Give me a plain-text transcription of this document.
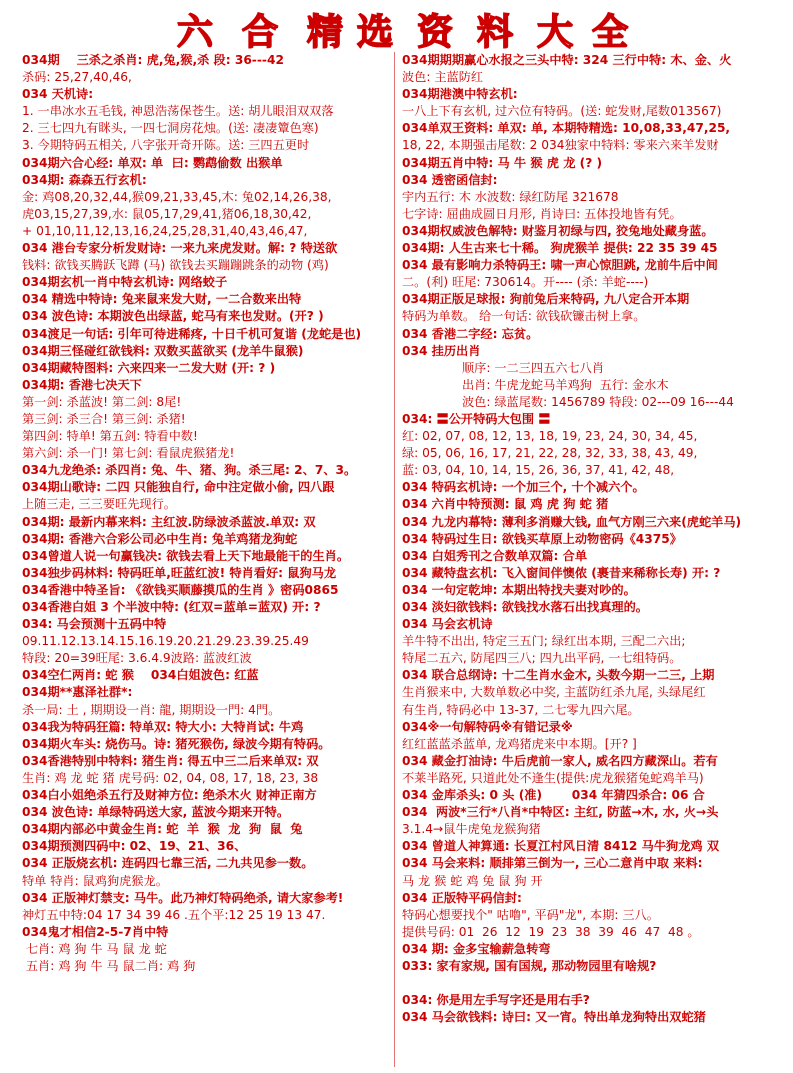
六 合 精 选 资 料 大 全
034期    三杀之杀肖: 虎,兔,猴,杀 段: 36---42
杀码: 25,27,40,46,
034 天机诗:
1. 一串冰水五毛钱, 神恩浩荡保苍生。送: 胡儿眼泪双双落
2. 三七四九有眯头, 一四七洞房花烛。(送: 凄凄簟色寒)
3. 今期特码五相关, 八字张开奇开陈。送: 三四五更时
034期六合心经: 单双: 单  曰: 鹦鹉偷数 出猴单
034期: 森森五行玄机:
金: 鸡08,20,32,44,猴09,21,33,45,木: 兔02,14,26,38,
虎03,15,27,39,水: 鼠05,17,29,41,猪06,18,30,42,
+ 01,10,11,12,13,16,24,25,28,31,40,43,46,47,
034 港台专家分析发财诗: 一来九来虎发财。解: ? 特送欲
钱料: 欲钱买腾跃飞蹲 (马) 欲钱去买蹦蹦跳条的动物 (鸡)
034期玄机一肖中特玄机诗: 网络蛟子
034 精选中特诗: 兔来鼠来发大财, 一二合数来出特
034 波色诗: 本期波色出绿蓝, 蛇马有来也发财。(开? )
034渡足一句话: 引年可待进稀疼, 十日千机可复谐 (龙蛇是也)
034期三怪碰红欲钱料: 双数买蓝欲买 (龙羊牛鼠猴)
034期藏特图料: 六来四来一二发大财 (开: ? )
034期: 香港七决天下
第一剑: 杀蓝波! 第二剑: 8尾!
第三剑: 杀三合! 第三剑: 杀猪!
第四剑: 特单! 第五剑: 特看中数!
第六剑: 杀一门! 第七剑: 看鼠虎猴猪龙!
034九龙绝杀: 杀四肖: 兔、牛、猪、狗。杀三尾: 2、7、3。
034期山歌诗: 二四 只能独自行, 命中注定做小偷, 四八跟
上随三走, 三三要旺先现行。
034期: 最新内幕来料: 主红波.防绿波杀蓝波.单双: 双
034期: 香港六合彩公司必中生肖: 兔羊鸡猪龙狗蛇
034曾道人说一句赢钱决: 欲钱去看上天下地最能干的生肖。
034独步码林料: 特码旺单,旺蓝红波! 特肖看好: 鼠狗马龙
034香港中特圣旨: 《欲钱买顺藤摸瓜的生肖 》密码0865
034香港白姐 3 个半波中特: (红双=蓝单=蓝双) 开: ?
034: 马会预测十五码中特
09.11.12.13.14.15.16.19.20.21.29.23.39.25.49
特段: 20=39旺尾: 3.6.4.9波路: 蓝波红波
034空仁两肖: 蛇 猴    034白姐波色: 红蓝
034期**惠泽社群*:
杀一局: 土 , 期期设一肖: 龍, 期期设一門: 4門。
034我为特码狂篇: 特单双: 特大小: 大特肖试: 牛鸡
034期火车头: 烧伤马。诗: 猪死猴伤, 绿波今期有特码。
034香港特别中特料: 猪生肖: 得五中三二后来单双: 双
生肖: 鸡 龙 蛇 猪 虎号码: 02, 04, 08, 17, 18, 23, 38
034白小姐绝杀五行及财神方位: 绝杀木火 财神正南方
034 波色诗: 单绿特码送大家, 蓝波今期来开特。
034期内部必中黄金生肖: 蛇  羊  猴  龙  狗  鼠  兔
034期预测四码中: 02、19、21、36、
034 正版烧玄机: 连码四七靠三活, 二九共见参一数。
特单 特肖: 鼠鸡狗虎猴龙。
034 正版神灯禁支: 马牛。此乃神灯特码绝杀, 请大家参考!
神灯五中特:04 17 34 39 46 .五个平:12 25 19 13 47.
034鬼才相信2-5-7肖中特
七肖: 鸡 狗 牛 马 鼠 龙 蛇
五肖: 鸡 狗 牛 马 鼠二肖: 鸡 狗
034期期期赢心水报之三头中特: 324 三行中特: 木、金、火
波色: 主蓝防红
034期港澳中特玄机:
一八上下有玄机, 过六位有特码。(送: 蛇发财,尾数013567)
034单双王资料: 单双: 单, 本期特精选: 10,08,33,47,25,
18, 22, 本期强击尾数: 2 034独家中特料: 零来六来羊发财
034期五肖中特: 马 牛 猴 虎 龙 (? )
034 透密函信封:
宇内五行: 木 水波数: 绿红防尾 321678
七字诗: 屈曲成圆日月形, 肖诗曰: 五体投地皆有凭。
034期权威波色解特: 财鉴月初绿与四, 狡兔地处藏身蓝。
034期: 人生古来七十稀。 狗虎猴羊 提供: 22 35 39 45
034 最有影响力杀特码王: 啸一声心惊胆跳, 龙前牛后中间
二。(利) 旺尾: 730614。开---- (杀: 羊蛇----)
034期正版足球报: 狗前兔后来特码, 九八定合开本期
特码为单数。 给一句话: 欲钱砍镰击树上拿。
034 香港二字经: 忘贫。
034 挂历出肖
顺序: 一二三四五六七八肖
出肖: 牛虎龙蛇马羊鸡狗  五行: 金水木
波色: 绿蓝尾数: 1456789 特段: 02---09 16---44
034: 〓公开特码大包围 〓
红: 02, 07, 08, 12, 13, 18, 19, 23, 24, 30, 34, 45,
绿: 05, 06, 16, 17, 21, 22, 28, 32, 33, 38, 43, 49,
蓝: 03, 04, 10, 14, 15, 26, 36, 37, 41, 42, 48,
034 特码玄机诗: 一个加三个, 十个减六个。
034 六肖中特预测: 鼠 鸡 虎 狗 蛇 猪
034 九龙内幕特: 薄利多消赚大钱, 血气方刚三六来(虎蛇羊马)
034 特码过生日: 欲钱买草原上动物密码《4375》
034 白姐秀刊之合数单双篇: 合单
034 藏特盘玄机: 飞入窗间伴懊侬 (裹昔来稀称长寿) 开: ?
034 一句定乾坤: 本期出特找夫妻对吵的。
034 淡妇欲钱料: 欲钱找水落石出找真理的。
034 马会玄机诗
羊牛特不出出, 特定三五门; 绿红出本期, 三配二六出;
特尾二五六, 防尾四三八; 四九出平码, 一七组特码。
034 联合总纲诗: 十二生肖水金木, 头数今期一二三, 上期
生肖猴来中, 大数单数必中奖, 主蓝防红杀九尾, 头绿尾红
有生肖, 特码必中 13-37, 二七零九四六尾。
034※一句解特码※有错记录※
红红蓝蓝杀蓝单, 龙鸡猪虎来中本期。[开? ]
034 藏金打油诗: 牛后虎前一家人, 威名四方藏深山。若有
不莱半路死, 只道此处不逢生(提供:虎龙猴猪兔蛇鸡羊马)
034 金库杀头: 0 头 (准)       034 年猜四杀合: 06 合
034  两波*三行*八肖*中特区: 主红, 防蓝→木, 水, 火→头
3.1.4→鼠牛虎兔龙猴狗猪
034 曾道人神算通: 长夏江村风日清 8412 马牛狗龙鸡 双
034 马会来料: 顺排第三倒为一, 三心二意肖中取 来料:
马 龙 猴 蛇 鸡 兔 鼠 狗 开
034 正版特平码信封:
特码心想要找个" 咕噜", 平码"龙", 本期: 三八。
提供号码: 01  26  12  19  23  38  39  46  47  48 。
034 期: 金多宝输薪急转弯
033: 家有家规, 国有国规, 那动物园里有啥规?

034: 你是用左手写字还是用右手?
034 马会欲钱料: 诗曰: 又一宵。特出单龙狗特出双蛇猪
